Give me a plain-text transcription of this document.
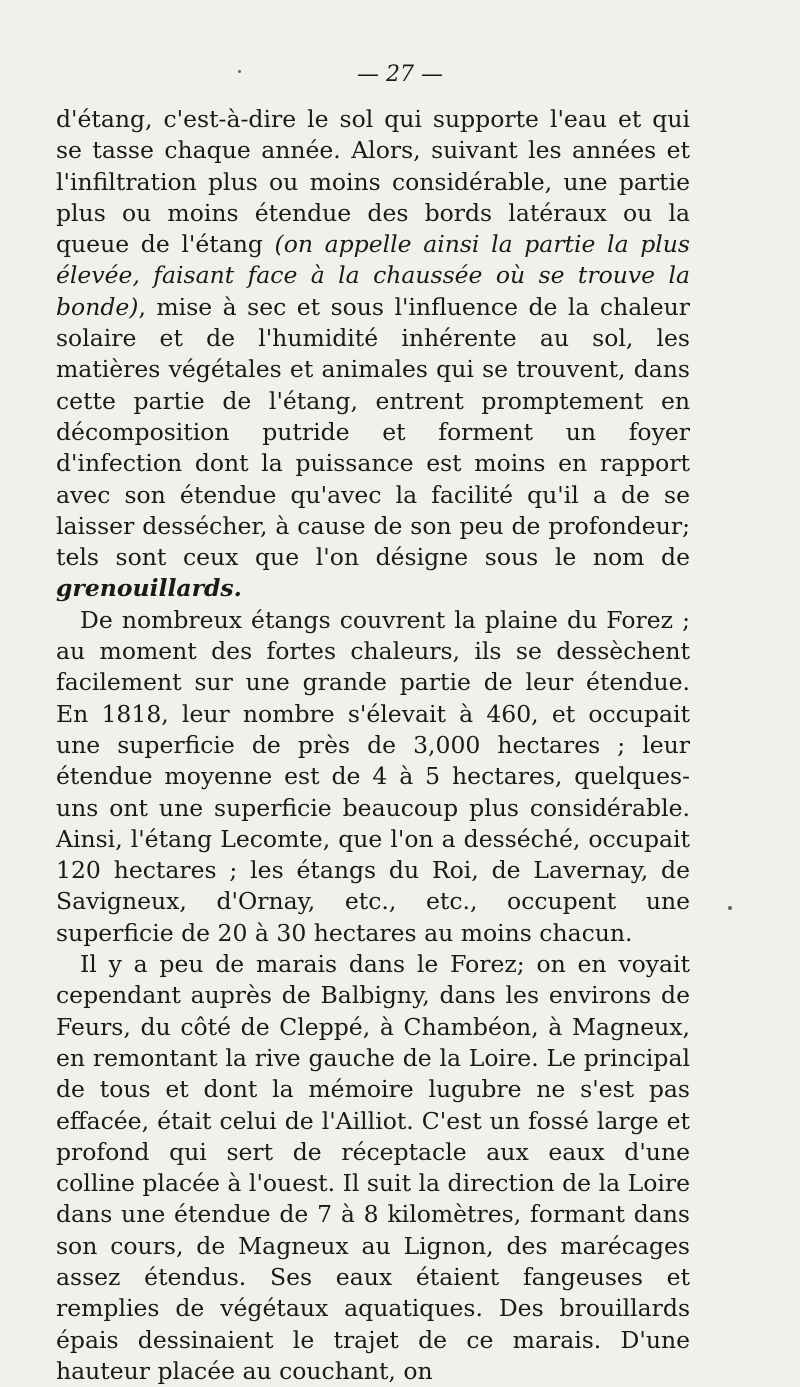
— 27 —

d'étang, c'est-à-dire le sol qui supporte l'eau et qui se tasse chaque année. Alors, suivant les années et l'infiltration plus ou moins considérable, une partie plus ou moins étendue des bords latéraux ou la queue de l'étang (on appelle ainsi la partie la plus élevée, faisant face à la chaussée où se trouve la bonde), mise à sec et sous l'influence de la chaleur solaire et de l'humidité inhérente au sol, les matières végétales et animales qui se trouvent, dans cette partie de l'étang, entrent promptement en décomposition putride et forment un foyer d'infection dont la puissance est moins en rapport avec son étendue qu'avec la facilité qu'il a de se laisser dessécher, à cause de son peu de profondeur; tels sont ceux que l'on désigne sous le nom de grenouillards.

De nombreux étangs couvrent la plaine du Forez ; au moment des fortes chaleurs, ils se dessèchent facilement sur une grande partie de leur étendue. En 1818, leur nombre s'élevait à 460, et occupait une superficie de près de 3,000 hectares ; leur étendue moyenne est de 4 à 5 hectares, quelques-uns ont une superficie beaucoup plus considérable. Ainsi, l'étang Lecomte, que l'on a desséché, occupait 120 hectares ; les étangs du Roi, de Lavernay, de Savigneux, d'Ornay, etc., etc., occupent une superficie de 20 à 30 hectares au moins chacun.

Il y a peu de marais dans le Forez; on en voyait cependant auprès de Balbigny, dans les environs de Feurs, du côté de Cleppé, à Chambéon, à Magneux, en remontant la rive gauche de la Loire. Le principal de tous et dont la mémoire lugubre ne s'est pas effacée, était celui de l'Ailliot. C'est un fossé large et profond qui sert de réceptacle aux eaux d'une colline placée à l'ouest. Il suit la direction de la Loire dans une étendue de 7 à 8 kilomètres, formant dans son cours, de Magneux au Lignon, des marécages assez étendus. Ses eaux étaient fangeuses et remplies de végétaux aquatiques. Des brouillards épais dessinaient le trajet de ce marais. D'une hauteur placée au couchant, on
